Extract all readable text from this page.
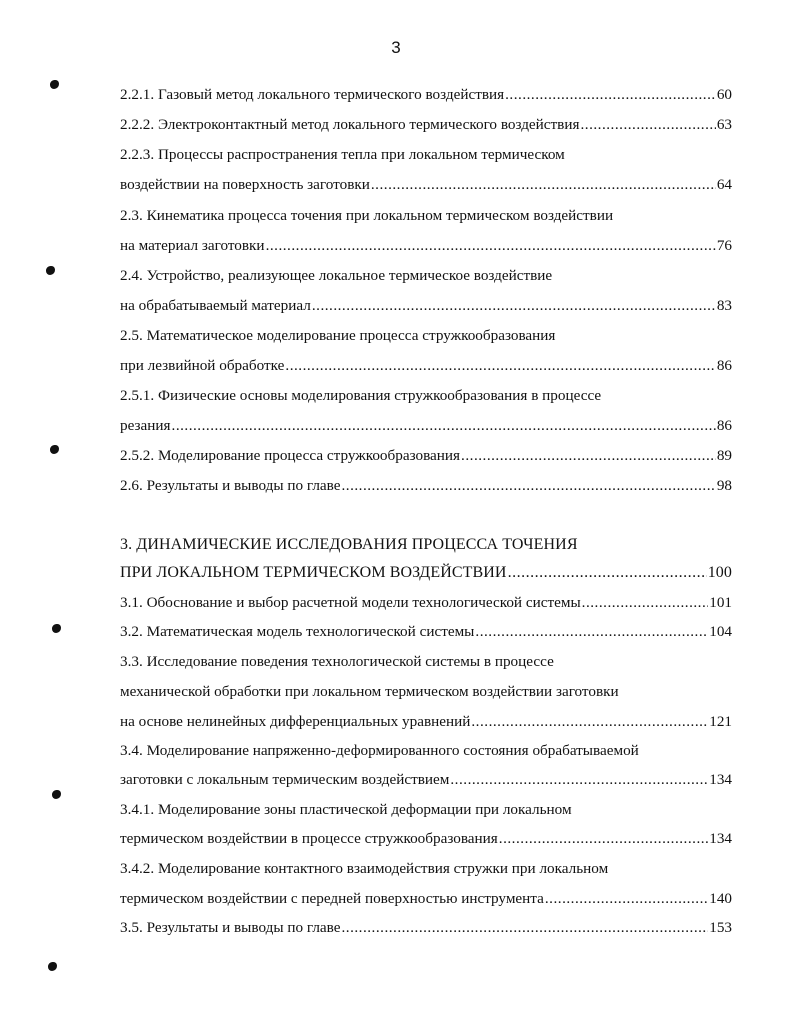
3
2.2.1. Газовый метод локального термического воздействия .....	60
2.2.2. Электроконтактный метод локального термического воздействия .....	63
2.2.3. Процессы распространения тепла при локальном термическом
воздействии на поверхность заготовки .....	64
2.3. Кинематика процесса точения при локальном термическом воздействии
на материал заготовки .....	76
2.4. Устройство, реализующее локальное термическое воздействие
на обрабатываемый материал .....	83
2.5. Математическое моделирование процесса стружкообразования
при лезвийной обработке .....	86
2.5.1. Физические основы моделирования стружкообразования в процессе
резания .....	86
2.5.2. Моделирование процесса стружкообразования .....	89
2.6. Результаты и выводы по главе .....	98
3. ДИНАМИЧЕСКИЕ ИССЛЕДОВАНИЯ ПРОЦЕССА ТОЧЕНИЯ
ПРИ ЛОКАЛЬНОМ ТЕРМИЧЕСКОМ ВОЗДЕЙСТВИИ .....	100
3.1. Обоснование и выбор расчетной модели технологической системы .....	101
3.2. Математическая модель технологической системы .....	104
3.3. Исследование поведения технологической системы в процессе
механической обработки при локальном термическом воздействии заготовки
на основе нелинейных дифференциальных уравнений .....	121
3.4. Моделирование напряженно-деформированного состояния обрабатываемой
заготовки с локальным термическим воздействием .....	134
3.4.1. Моделирование зоны пластической деформации при локальном
термическом воздействии в процессе стружкообразования .....	134
3.4.2. Моделирование контактного взаимодействия стружки при локальном
термическом воздействии с передней поверхностью инструмента .....	140
3.5. Результаты и выводы по главе .....	153
